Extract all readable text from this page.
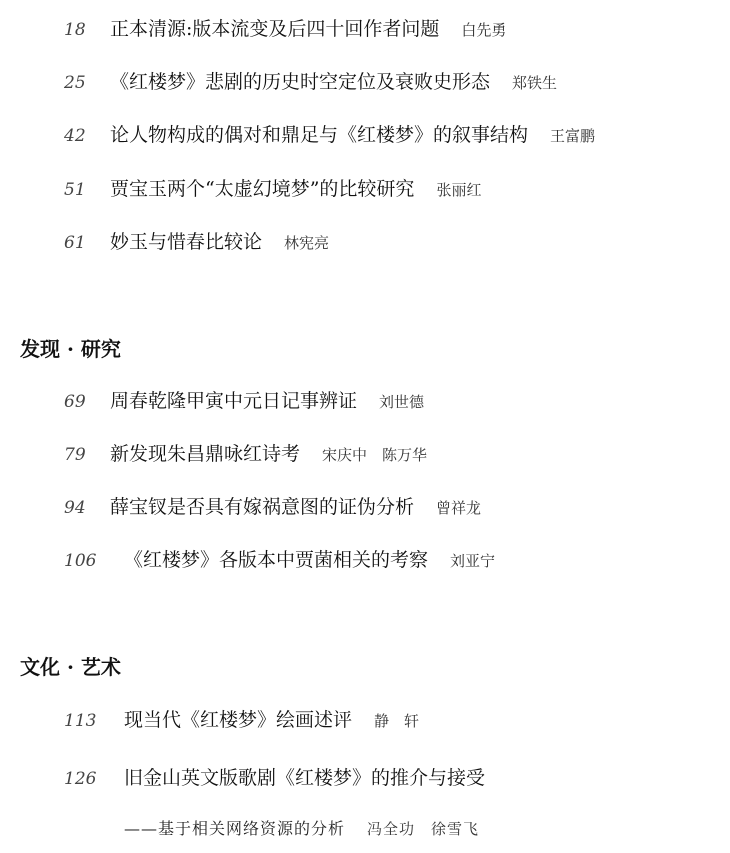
18 正本清源:版本流变及后四十回作者问题 白先勇
25 《红楼梦》悲剧的历史时空定位及衰败史形态 郑铁生
42 论人物构成的偶对和鼎足与《红楼梦》的叙事结构 王富鹏
51 贾宝玉两个“太虚幻境梦”的比较研究 张丽红
61 妙玉与惜春比较论 林宪亮
发现 · 研究
69 周春乾隆甲寅中元日记事辨证 刘世德
79 新发现朱昌鼎咏红诗考 宋庆中　陈万华
94 薛宝钗是否具有嫁祸意图的证伪分析 曾祥龙
106 《红楼梦》各版本中贾菌相关的考察 刘亚宁
文化 · 艺术
113 现当代《红楼梦》绘画述评 静　轩
126 旧金山英文版歌剧《红楼梦》的推介与接受
——基于相关网络资源的分析 冯全功　徐雪飞
